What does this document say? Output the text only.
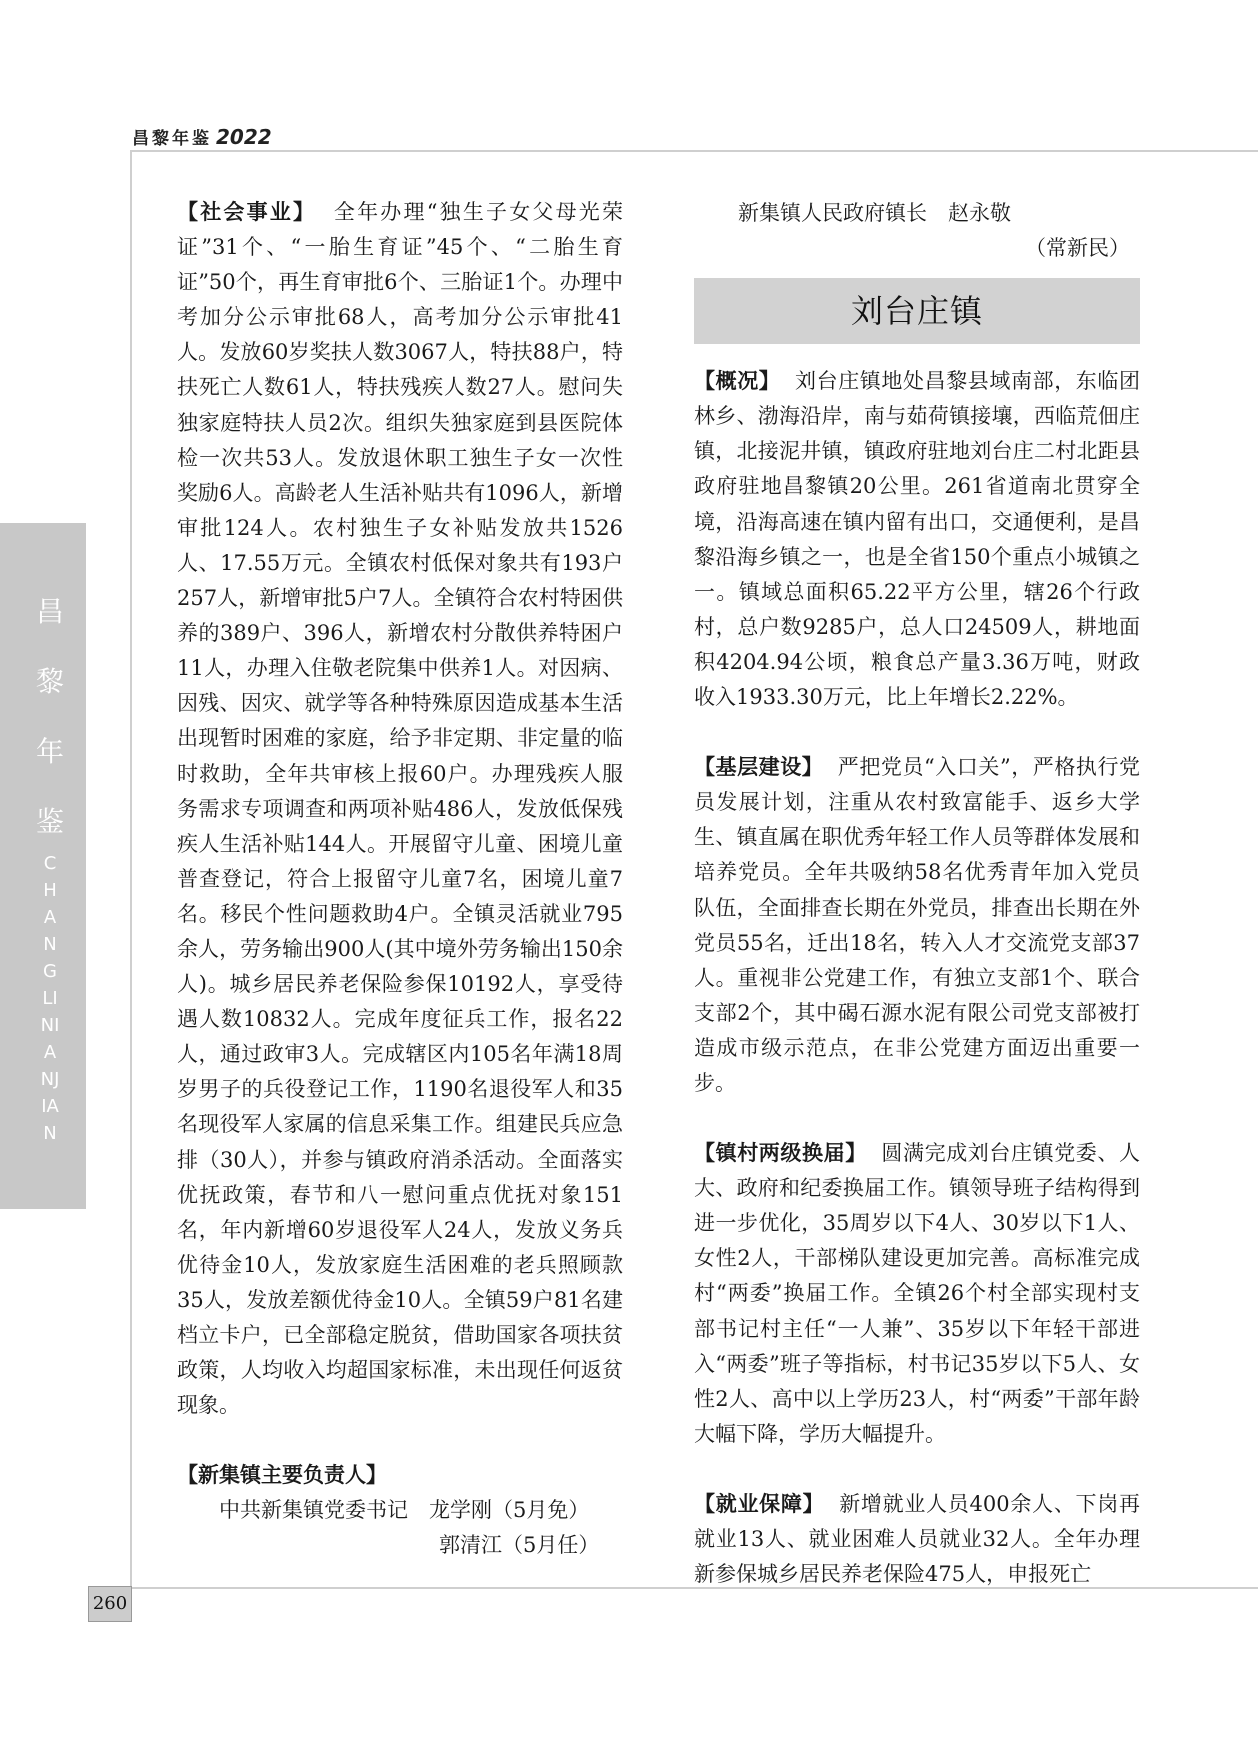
昌黎年鉴 2022
昌
黎
年
鉴
CHANGLINIANJIAN

【社会事业】 全年办理“独生子女父母光荣证”31个、“一胎生育证”45个、“二胎生育证”50个，再生育审批6个、三胎证1个。办理中考加分公示审批68人，高考加分公示审批41人。发放60岁奖扶人数3067人，特扶88户，特扶死亡人数61人，特扶残疾人数27人。慰问失独家庭特扶人员2次。组织失独家庭到县医院体检一次共53人。发放退休职工独生子女一次性奖励6人。高龄老人生活补贴共有1096人，新增审批124人。农村独生子女补贴发放共1526人、17.55万元。全镇农村低保对象共有193户257人，新增审批5户7人。全镇符合农村特困供养的389户、396人，新增农村分散供养特困户11人，办理入住敬老院集中供养1人。对因病、因残、因灾、就学等各种特殊原因造成基本生活出现暂时困难的家庭，给予非定期、非定量的临时救助，全年共审核上报60户。办理残疾人服务需求专项调查和两项补贴486人，发放低保残疾人生活补贴144人。开展留守儿童、困境儿童普查登记，符合上报留守儿童7名，困境儿童7名。移民个性问题救助4户。全镇灵活就业795余人，劳务输出900人(其中境外劳务输出150余人)。城乡居民养老保险参保10192人，享受待遇人数10832人。完成年度征兵工作，报名22人，通过政审3人。完成辖区内105名年满18周岁男子的兵役登记工作，1190名退役军人和35名现役军人家属的信息采集工作。组建民兵应急排（30人），并参与镇政府消杀活动。全面落实优抚政策，春节和八一慰问重点优抚对象151名，年内新增60岁退役军人24人，发放义务兵优待金10人，发放家庭生活困难的老兵照顾款35人，发放差额优待金10人。全镇59户81名建档立卡户，已全部稳定脱贫，借助国家各项扶贫政策，人均收入均超国家标准，未出现任何返贫现象。

【新集镇主要负责人】

中共新集镇党委书记　龙学刚（5月免）

郭清江（5月任）

新集镇人民政府镇长　赵永敬

（常新民）

刘台庄镇

【概况】 刘台庄镇地处昌黎县域南部，东临团林乡、渤海沿岸，南与茹荷镇接壤，西临荒佃庄镇，北接泥井镇，镇政府驻地刘台庄二村北距县政府驻地昌黎镇20公里。261省道南北贯穿全境，沿海高速在镇内留有出口，交通便利，是昌黎沿海乡镇之一，也是全省150个重点小城镇之一。镇域总面积65.22平方公里，辖26个行政村，总户数9285户，总人口24509人，耕地面积4204.94公顷，粮食总产量3.36万吨，财政收入1933.30万元，比上年增长2.22%。

【基层建设】 严把党员“入口关”，严格执行党员发展计划，注重从农村致富能手、返乡大学生、镇直属在职优秀年轻工作人员等群体发展和培养党员。全年共吸纳58名优秀青年加入党员队伍，全面排查长期在外党员，排查出长期在外党员55名，迁出18名，转入人才交流党支部37人。重视非公党建工作，有独立支部1个、联合支部2个，其中碣石源水泥有限公司党支部被打造成市级示范点，在非公党建方面迈出重要一步。

【镇村两级换届】 圆满完成刘台庄镇党委、人大、政府和纪委换届工作。镇领导班子结构得到进一步优化，35周岁以下4人、30岁以下1人、女性2人，干部梯队建设更加完善。高标准完成村“两委”换届工作。全镇26个村全部实现村支部书记村主任“一人兼”、35岁以下年轻干部进入“两委”班子等指标，村书记35岁以下5人、女性2人、高中以上学历23人，村“两委”干部年龄大幅下降，学历大幅提升。

【就业保障】 新增就业人员400余人、下岗再就业13人、就业困难人员就业32人。全年办理新参保城乡居民养老保险475人，申报死亡

260
